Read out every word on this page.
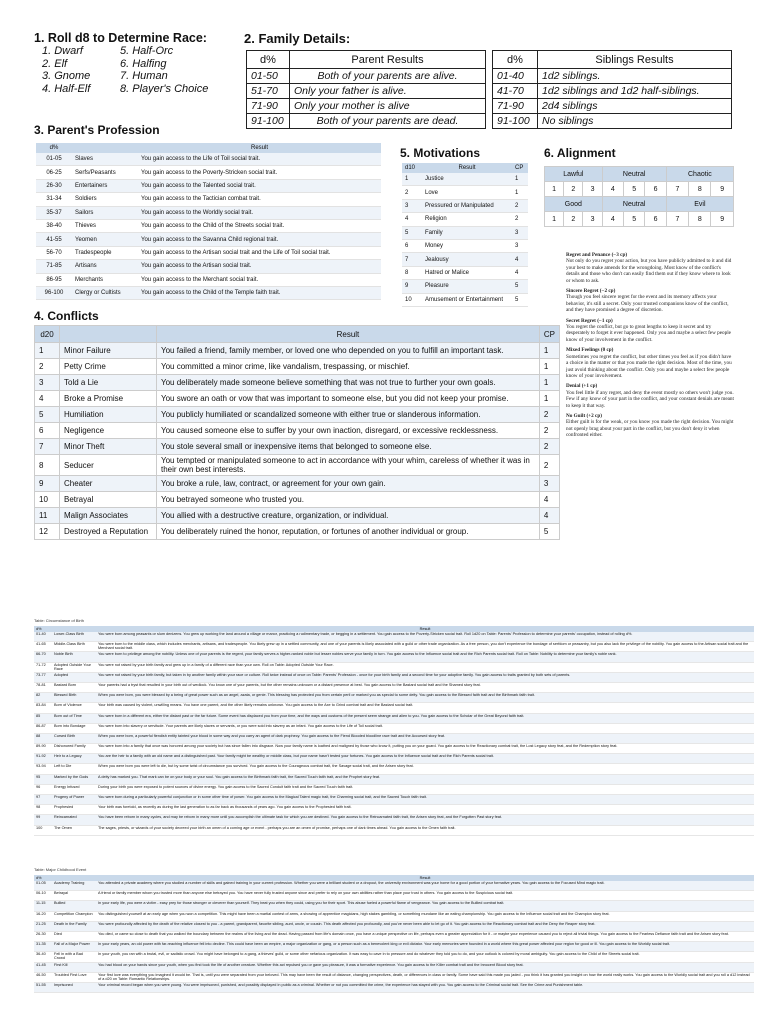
1. Roll d8 to Determine Race:
1. Dwarf
2. Elf
3. Gnome
4. Half-Elf
5. Half-Orc
6. Halfing
7. Human
8. Player's Choice
2. Family Details:
d%	Parent Results
01-50	Both of your parents are alive.
51-70	Only your father is alive.
71-90	Only your mother is alive
91-100	Both of your parents are dead.
d%	Siblings Results
01-40	1d2 siblings.
41-70	1d2 siblings and 1d2 half-siblings.
71-90	2d4 siblings
91-100	No siblings
3. Parent's Profession
d%		Result
01-05	Slaves	You gain access to the Life of Toil social trait.
06-25	Serfs/Peasants	You gain access to the Poverty-Stricken social trait.
26-30	Entertainers	You gain access to the Talented social trait.
31-34	Soldiers	You gain access to the Tactician combat trait.
35-37	Sailors	You gain access to the Worldly social trait.
38-40	Thieves	You gain access to the Child of the Streets social trait.
41-55	Yeomen	You gain access to the Savanna Child regional trait.
56-70	Tradespeople	You gain access to the Artisan social trait and the Life of Toil social trait.
71-85	Artisans	You gain access to the Artisan social trait.
86-95	Merchants	You gain access to the Merchant social trait.
96-100	Clergy or Cultists	You gain access to the Child of the Temple faith trait.
5. Motivations
d10	Result	CP
1	Justice	1
2	Love	1
3	Pressured or Manipulated	2
4	Religion	2
5	Family	3
6	Money	3
7	Jealousy	4
8	Hatred or Malice	4
9	Pleasure	5
10	Amusement or Entertainment	5
6. Alignment
Lawful			Neutral			Chaotic		
1	2	3	4	5	6	7	8	9
Good			Neutral			Evil		
1	2	3	4	5	6	7	8	9
Regret and Penance (−3 cp)
Not only do you regret your action, but you have publicly admitted to it and did your best to make amends for the wrongdoing. Most know of the conflict's details and those who don't can easily find them out if they know where to look or whom to ask.
Sincere Regret (−2 cp)
Though you feel sincere regret for the event and its memory affects your behavior, it's still a secret. Only your trusted companions know of the conflict, and they have promised a degree of discretion.
Secret Regret (−1 cp)
You regret the conflict, but go to great lengths to keep it secret and try desperately to forget it ever happened. Only you and maybe a select few people know of your involvement in the conflict.
Mixed Feelings (0 cp)
Sometimes you regret the conflict, but other times you feel as if you didn't have a choice in the matter or that you made the right decision. Most of the time, you just avoid thinking about the conflict. Only you and maybe a select few people know of your involvement.
Denial (+1 cp)
You feel little if any regret, and deny the event mostly so others won't judge you. Few if any know of your part in the conflict, and your constant denials are meant to keep it that way.
No Guilt (+2 cp)
Either guilt is for the weak, or you know you made the right decision. You might not openly brag about your part in the conflict, but you don't deny it when confronted either.
4. Conflicts
d20		Result	CP
1	Minor Failure	You failed a friend, family member, or loved one who depended on you to fulfill an important task.	1
2	Petty Crime	You committed a minor crime, like vandalism, trespassing, or mischief.	1
3	Told a Lie	You deliberately made someone believe something that was not true to further your own goals.	1
4	Broke a Promise	You swore an oath or vow that was important to someone else, but you did not keep your promise.	1
5	Humiliation	You publicly humiliated or scandalized someone with either true or slanderous information.	2
6	Negligence	You caused someone else to suffer by your own inaction, disregard, or excessive recklessness.	2
7	Minor Theft	You stole several small or inexpensive items that belonged to someone else.	2
8	Seducer	You tempted or manipulated someone to act in accordance with your whim, careless of whether it was in their own best interests.	2
9	Cheater	You broke a rule, law, contract, or agreement for your own gain.	3
10	Betrayal	You betrayed someone who trusted you.	4
11	Malign Associates	You allied with a destructive creature, organization, or individual.	4
12	Destroyed a Reputation	You deliberately ruined the honor, reputation, or fortunes of another individual or group.	5
Table: Circumstance of Birth
d%		Result
01-40	Lower-Class Birth	You were born among peasants or slum denizens. You grew up working the land around a village or manor, practicing a rudimentary trade, or begging in a settlement. You gain access to the Poverty-Stricken social trait. Roll 1d20 on Table: Parents' Profession to determine your parents' occupation, instead of rolling d%.
41-65	Middle-Class Birth	You were born to the middle class, which includes merchants, artisans, and tradespeople. You likely grew up in a settled community, and one of your parents is likely associated with a guild or other trade organization. As a free person, you don't experience the bondage of serfdom or peasantry, but you also lack the privilege of the nobility. You gain access to the Artisan social trait and the Merchant social trait.
66-70	Noble Birth	You were born to privilege among the nobility. Unless one of your parents is the regent, your family serves a higher-ranked noble but lesser nobles serve your family in turn. You gain access to the Influence social trait and the Rich Parents social trait. Roll on Table: Nobility to determine your family's noble rank.
71-72	Adopted Outside Your Race	You were not raised by your birth family and grew up in a family of a different race than your own. Roll on Table: Adopted Outside Your Race.
73-77	Adopted	You were not raised by your birth family, but taken in by another family within your race or culture. Roll twice instead of once on Table: Parents' Profession - once for your birth family and a second time for your adoptive family. You gain access to traits granted by both sets of parents.
78-81	Bastard Born	Your parents had a tryst that resulted in your birth out of wedlock. You know one of your parents, but the other remains unknown or a distant presence at best. You gain access to the Bastard social trait and the Shamed story feat.
82	Blessed Birth	When you were born, you were blessed by a being of great power such as an angel, azata, or genie. This blessing has protected you from certain peril or marked you as special to some deity. You gain access to the Blessed faith trait and the Birthmark faith trait.
83-84	Born of Violence	Your birth was caused by violent, unwilling means. You have one parent, and the other likely remains unknown. You gain access to the Axe to Grind combat trait and the Bastard social trait.
85	Born out of Time	You were born in a different era, either the distant past or the far future. Some event has displaced you from your time, and the ways and customs of the present seem strange and alien to you. You gain access to the Scholar of the Great Beyond faith trait.
86-87	Born into Bondage	You were born into slavery or servitude. Your parents are likely slaves or servants, or you were sold into slavery as an infant. You gain access to the Life of Toil social trait.
88	Cursed Birth	When you were born, a powerful fiendish entity tainted your blood in some way and you carry an agent of dark prophecy. You gain access to the Fiend Blooded bloodline race trait and the Accursed story feat.
89-90	Dishonored Family	You were born into a family that once was honored among your society but has since fallen into disgrace. Now your family name is loathed and maligned by those who know it, putting you on your guard. You gain access to the Reactionary combat trait, the Lost Legacy story feat, and the Redemption story feat.
91-92	Heir to a Legacy	You are the heir to a family with an old name and a distinguished past. Your family might be wealthy or middle class, but your name hasn't tested your fortunes. You gain access to the Influence social trait and the Rich Parents social trait.
93-94	Left to Die	When you were born you were left to die, but by some twist of circumstance you survived. You gain access to the Courageous combat trait, the Savage social trait, and the Arisen story feat.
95	Marked by the Gods	A deity has marked you. That mark can be on your body or your soul. You gain access to the Birthmark faith trait, the Sacred Touch faith trait, and the Prophet story feat.
96	Energy Infused	During your birth you were exposed to potent sources of divine energy. You gain access to the Sacred Conduit faith trait and the Sacred Touch faith trait.
97	Progeny of Power	You were born during a particularly powerful conjunction or in some other time of power. You gain access to the Magical Talent magic trait, the Charming social trait, and the Sacred Touch faith trait.
98	Prophesied	Your birth was foretold, as recently as during the last generation to as far back as thousands of years ago. You gain access to the Prophesied faith trait.
99	Reincarnated	You have been reborn in many cycles, and may be reborn in many more until you accomplish the ultimate task for which you are destined. You gain access to the Reincarnated faith trait, the Arisen story feat, and the Forgotten Past story feat.
100	The Omen	The sages, priests, or wizards of your society decreed your birth an omen of a coming age or event - perhaps you are an omen of promise, perhaps one of dark times ahead. You gain access to the Omen faith trait.
Table: Major Childhood Event
d%		Result
01-05	Academy Training	You attended a private academy where you studied a number of skills and gained training in your current profession. Whether you were a brilliant student or a dropout, the university environment was your home for a good portion of your formative years. You gain access to the Focused Mind magic trait.
06-10	Betrayal	A friend or family member whom you trusted more than anyone else betrayed you. You have never fully trusted anyone since and prefer to rely on your own abilities rather than place your trust in others. You gain access to the Suspicious social trait.
11-15	Bullied	In your early life, you were a victim - easy prey for those stronger or cleverer than yourself. They beat you when they could, using you for their sport. This abuse fueled a powerful flame of vengeance. You gain access to the Bullied combat trait.
16-20	Competition Champion	You distinguished yourself at an early age when you won a competition. This might have been a martial contest of arms, a showing of apprentice magicians, high stakes gambling, or something mundane like an eating championship. You gain access to the Influence social trait and the Champion story feat.
21-25	Death in the Family	You were profoundly affected by the death of the relative closest to you - a parent, grandparent, favorite sibling, aunt, uncle, or cousin. This death affected you profoundly, and you've never been able to let go of it. You gain access to the Reactionary combat trait and the Deny the Reaper story feat.
26-30	Died	You died, or came so close to death that you walked the boundary between the realms of the living and the dead. Having passed from life's domain once, you have a unique perspective on life, perhaps even a greater appreciation for it - or maybe your experience caused you to reject all trivial things. You gain access to the Fearless Defiance faith trait and the Arisen story feat.
31-35	Fall of a Major Power	In your early years, an old power with far-reaching influence fell into decline. This could have been an empire, a major organization or gang, or a person such as a benevolent king or evil dictator. Your early memories were founded in a world where this great power affected your region for good or ill. You gain access to the Worldly social trait.
36-40	Fell in with a Bad Crowd	In your youth, you ran with a brutal, evil, or sadistic crowd. You might have belonged to a gang, a thieves' guild, or some other nefarious organization. It was easy to cave in to pressure and do whatever they told you to do, and your outlook is colored by moral ambiguity. You gain access to the Child of the Streets social trait.
41-45	First Kill	You had blood on your hands since your youth, when you first took the life of another creature. Whether this act repulsed you or gave you pleasure, it was a formative experience. You gain access to the Killer combat trait and the Innocent Blood story feat.
46-50	Troubled First Love	Your first love was everything you imagined it would be. That is, until you were separated from your beloved. This may have been the result of distance, changing perspectives, death, or differences in class or family. Some have said this made you jaded - you think it has granted you insight on how the world really works. You gain access to the Worldly social trait and you roll a d12 instead of a d20 on Table: Romantic Relationships.
51-55	Imprisoned	Your criminal record began when you were young. You were imprisoned, punished, and possibly displayed in public as a criminal. Whether or not you committed the crime, the experience has stayed with you. You gain access to the Criminal social trait. See the Crime and Punishment table.
